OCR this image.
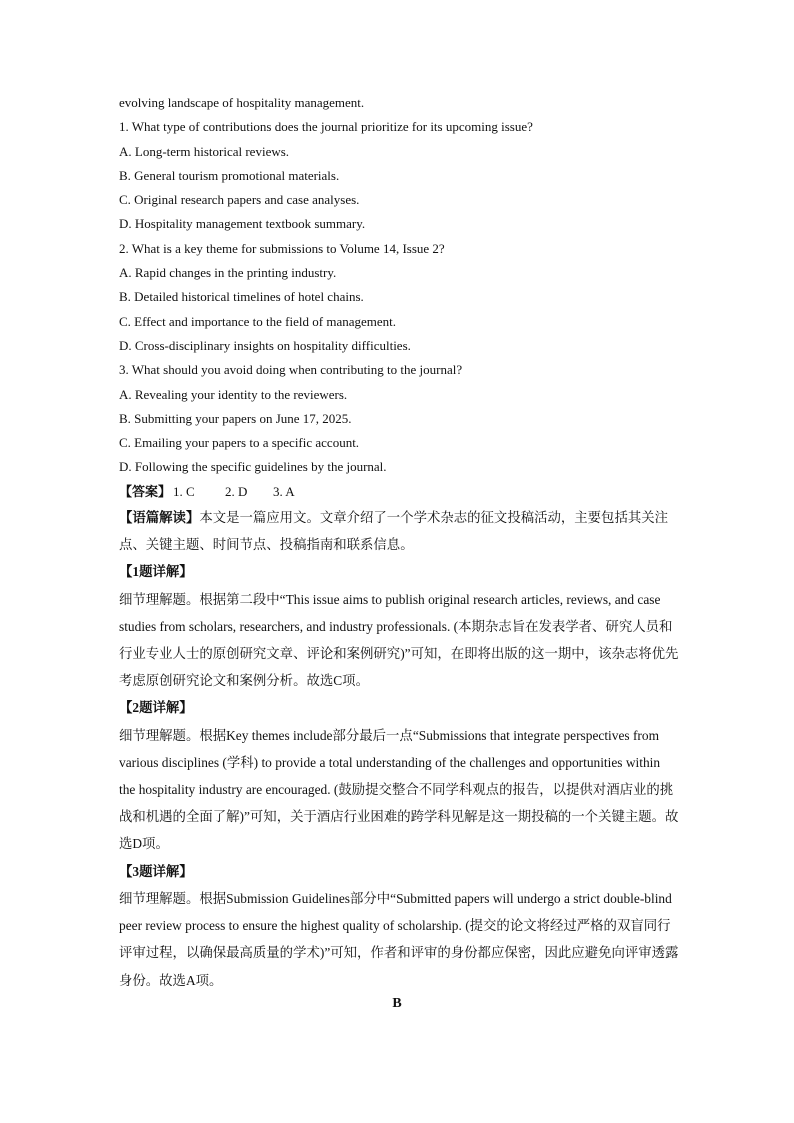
evolving landscape of hospitality management.
1. What type of contributions does the journal prioritize for its upcoming issue?
A. Long-term historical reviews.
B. General tourism promotional materials.
C. Original research papers and case analyses.
D. Hospitality management textbook summary.
2. What is a key theme for submissions to Volume 14, Issue 2?
A. Rapid changes in the printing industry.
B. Detailed historical timelines of hotel chains.
C. Effect and importance to the field of management.
D. Cross-disciplinary insights on hospitality difficulties.
3. What should you avoid doing when contributing to the journal?
A. Revealing your identity to the reviewers.
B. Submitting your papers on June 17, 2025.
C. Emailing your papers to a specific account.
D. Following the specific guidelines by the journal.
【答案】 1. C 2. D 3. A
【语篇解读】本文是一篇应用文。文章介绍了一个学术杂志的征文投稿活动，主要包括其关注点、关键主题、时间节点、投稿指南和联系信息。
【1题详解】
细节理解题。根据第二段中“This issue aims to publish original research articles, reviews, and case studies from scholars, researchers, and industry professionals. (本期杂志旨在发表学者、研究人员和行业专业人士的原创研究文章、评论和案例研究)”可知，在即将出版的这一期中，该杂志将优先考虑原创研究论文和案例分析。故选C项。
【2题详解】
细节理解题。根据Key themes include部分最后一点“Submissions that integrate perspectives from various disciplines (学科) to provide a total understanding of the challenges and opportunities within the hospitality industry are encouraged. (鼓励提交整合不同学科观点的报告，以提供对酒店业的挑战和机遇的全面了解)”可知，关于酒店行业困难的跨学科见解是这一期投稿的一个关键主题。故选D项。
【3题详解】
细节理解题。根据Submission Guidelines部分中“Submitted papers will undergo a strict double-blind peer review process to ensure the highest quality of scholarship. (提交的论文将经过严格的双盲同行评审过程，以确保最高质量的学术)”可知，作者和评审的身份都应保密，因此应避免向评审透露身份。故选A项。
B
